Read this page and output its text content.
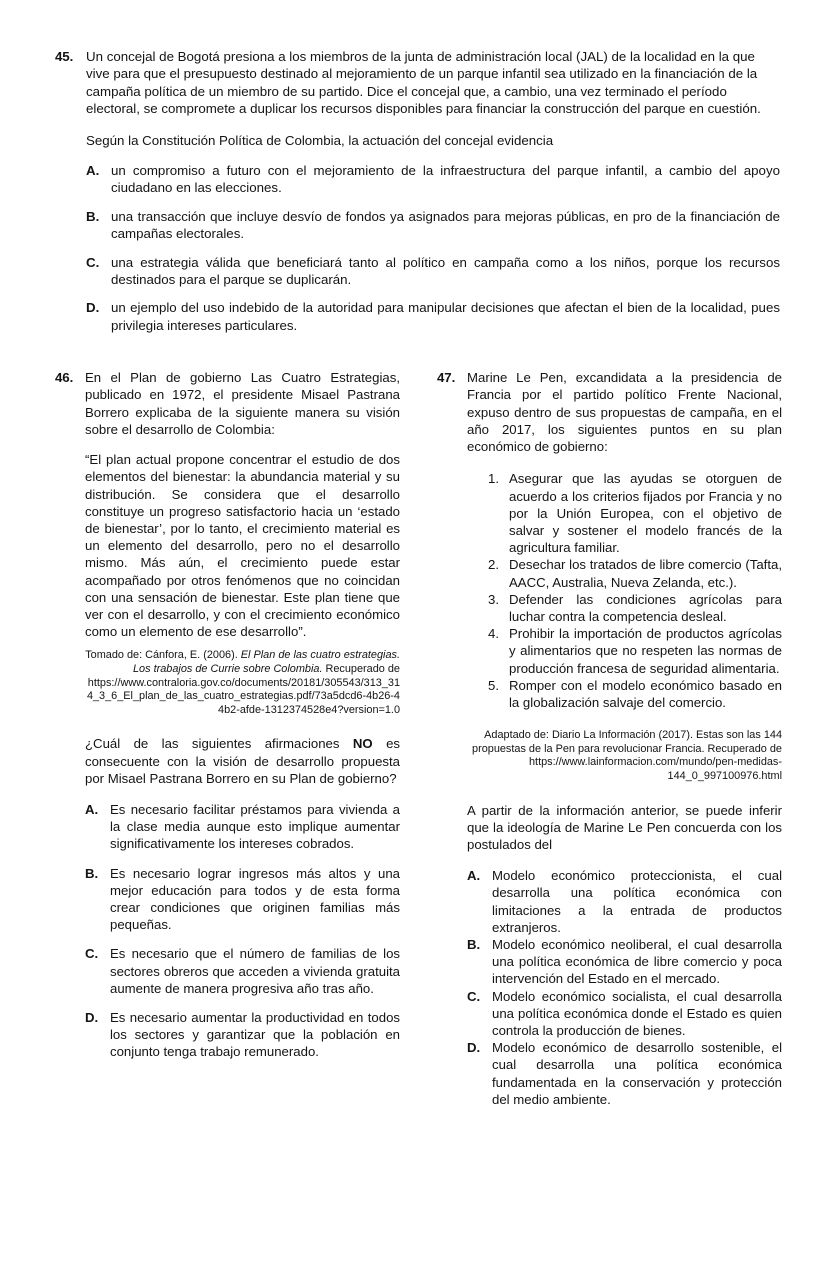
45. Un concejal de Bogotá presiona a los miembros de la junta de administración local (JAL) de la localidad en la que vive para que el presupuesto destinado al mejoramiento de un parque infantil sea utilizado en la financiación de la campaña política de un miembro de su partido. Dice el concejal que, a cambio, una vez terminado el período electoral, se compromete a duplicar los recursos disponibles para financiar la construcción del parque en cuestión.

Según la Constitución Política de Colombia, la actuación del concejal evidencia

A. un compromiso a futuro con el mejoramiento de la infraestructura del parque infantil, a cambio del apoyo ciudadano en las elecciones.
B. una transacción que incluye desvío de fondos ya asignados para mejoras públicas, en pro de la financiación de campañas electorales.
C. una estrategia válida que beneficiará tanto al político en campaña como a los niños, porque los recursos destinados para el parque se duplicarán.
D. un ejemplo del uso indebido de la autoridad para manipular decisiones que afectan el bien de la localidad, pues privilegia intereses particulares.
46. En el Plan de gobierno Las Cuatro Estrategias, publicado en 1972, el presidente Misael Pastrana Borrero explicaba de la siguiente manera su visión sobre el desarrollo de Colombia:

“El plan actual propone concentrar el estudio de dos elementos del bienestar: la abundancia material y su distribución. Se considera que el desarrollo constituye un progreso satisfactorio hacia un ‘estado de bienestar’, por lo tanto, el crecimiento material es un elemento del desarrollo, pero no el desarrollo mismo. Más aún, el crecimiento puede estar acompañado por otros fenómenos que no coincidan con una sensación de bienestar. Este plan tiene que ver con el desarrollo, y con el crecimiento económico como un elemento de ese desarrollo”.

Tomado de: Cánfora, E. (2006). El Plan de las cuatro estrategias. Los trabajos de Currie sobre Colombia. Recuperado de

https://www.contraloria.gov.co/documents/20181/305543/313_314_3_6_El_plan_de_las_cuatro_estrategias.pdf/73a5dcd6-4b26-44b2-afde-1312374528e4?version=1.0

¿Cuál de las siguientes afirmaciones NO es consecuente con la visión de desarrollo propuesta por Misael Pastrana Borrero en su Plan de gobierno?

A. Es necesario facilitar préstamos para vivienda a la clase media aunque esto implique aumentar significativamente los intereses cobrados.
B. Es necesario lograr ingresos más altos y una mejor educación para todos y de esta forma crear condiciones que originen familias más pequeñas.
C. Es necesario que el número de familias de los sectores obreros que acceden a vivienda gratuita aumente de manera progresiva año tras año.
D. Es necesario aumentar la productividad en todos los sectores y garantizar que la población en conjunto tenga trabajo remunerado.
47. Marine Le Pen, excandidata a la presidencia de Francia por el partido político Frente Nacional, expuso dentro de sus propuestas de campaña, en el año 2017, los siguientes puntos en su plan económico de gobierno:

1. Asegurar que las ayudas se otorguen de acuerdo a los criterios fijados por Francia y no por la Unión Europea, con el objetivo de salvar y sostener el modelo francés de la agricultura familiar.
2. Desechar los tratados de libre comercio (Tafta, AACC, Australia, Nueva Zelanda, etc.).
3. Defender las condiciones agrícolas para luchar contra la competencia desleal.
4. Prohibir la importación de productos agrícolas y alimentarios que no respeten las normas de producción francesa de seguridad alimentaria.
5. Romper con el modelo económico basado en la globalización salvaje del comercio.

Adaptado de: Diario La Información (2017). Estas son las 144 propuestas de la Pen para revolucionar Francia. Recuperado de https://www.lainformacion.com/mundo/pen-medidas-144_0_997100976.html

A partir de la información anterior, se puede inferir que la ideología de Marine Le Pen concuerda con los postulados del

A. Modelo económico proteccionista, el cual desarrolla una política económica con limitaciones a la entrada de productos extranjeros.
B. Modelo económico neoliberal, el cual desarrolla una política económica de libre comercio y poca intervención del Estado en el mercado.
C. Modelo económico socialista, el cual desarrolla una política económica donde el Estado es quien controla la producción de bienes.
D. Modelo económico de desarrollo sostenible, el cual desarrolla una política económica fundamentada en la conservación y protección del medio ambiente.
